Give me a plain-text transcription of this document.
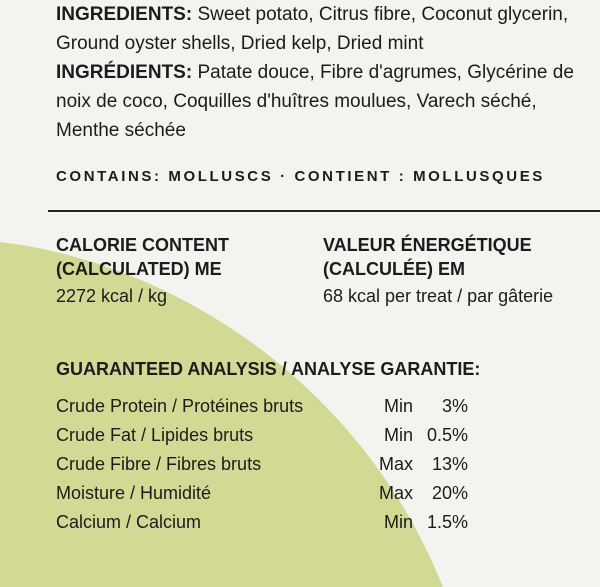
INGREDIENTS: Sweet potato, Citrus fibre, Coconut glycerin, Ground oyster shells, Dried kelp, Dried mint
INGRÉDIENTS: Patate douce, Fibre d'agrumes, Glycérine de noix de coco, Coquilles d'huîtres moulues, Varech séché, Menthe séchée
CONTAINS: MOLLUSCS · CONTIENT : MOLLUSQUES
CALORIE CONTENT
(CALCULATED) ME

2272 kcal / kg

VALEUR ÉNERGÉTIQUE
(CALCULÉE) EM

68 kcal per treat / par gâterie

GUARANTEED ANALYSIS / ANALYSE GARANTIE:
Crude Protein / Protéines bruts	Min 3%
Crude Fat / Lipides bruts	Min 0.5%
Crude Fibre / Fibres bruts	Max 13%
Moisture / Humidité	Max 20%
Calcium / Calcium	Min 1.5%
